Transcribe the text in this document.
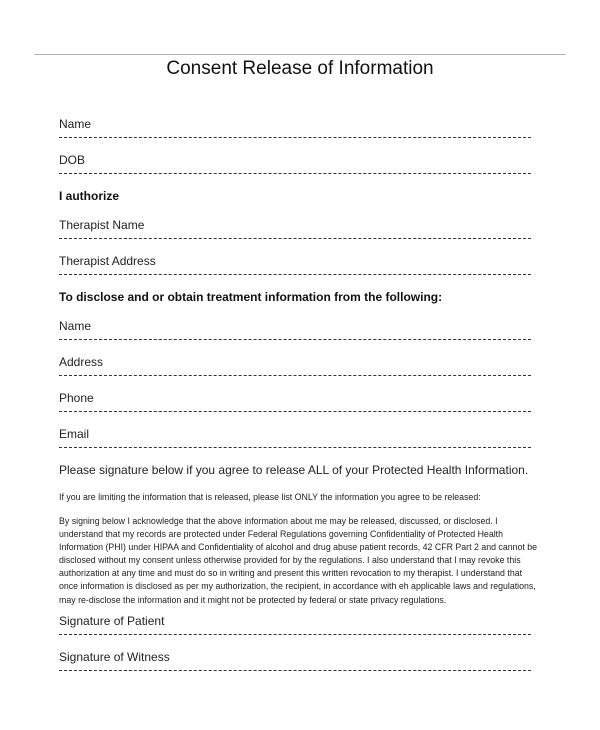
Consent Release of Information
Name
DOB
I authorize
Therapist Name
Therapist Address
To disclose and or obtain treatment information from the following:
Name
Address
Phone
Email
Please signature below if you agree to release ALL of your Protected Health Information.
If you are limiting the information that is released, please list ONLY the information you agree to be released:
By signing below I acknowledge that the above information about me may be released, discussed, or disclosed. I understand that my records are protected under Federal Regulations governing Confidentiality of Protected Health Information (PHI) under HIPAA and Confidentiality of alcohol and drug abuse patient records, 42 CFR Part 2 and cannot be disclosed without my consent unless otherwise provided for by the regulations. I also understand that I may revoke this authorization at any time and must do so in writing and present this written revocation to my therapist. I understand that once information is disclosed as per my authorization, the recipient, in accordance with eh applicable laws and regulations, may re-disclose the information and it might not be protected by federal or state privacy regulations.
Signature of Patient
Signature of Witness
